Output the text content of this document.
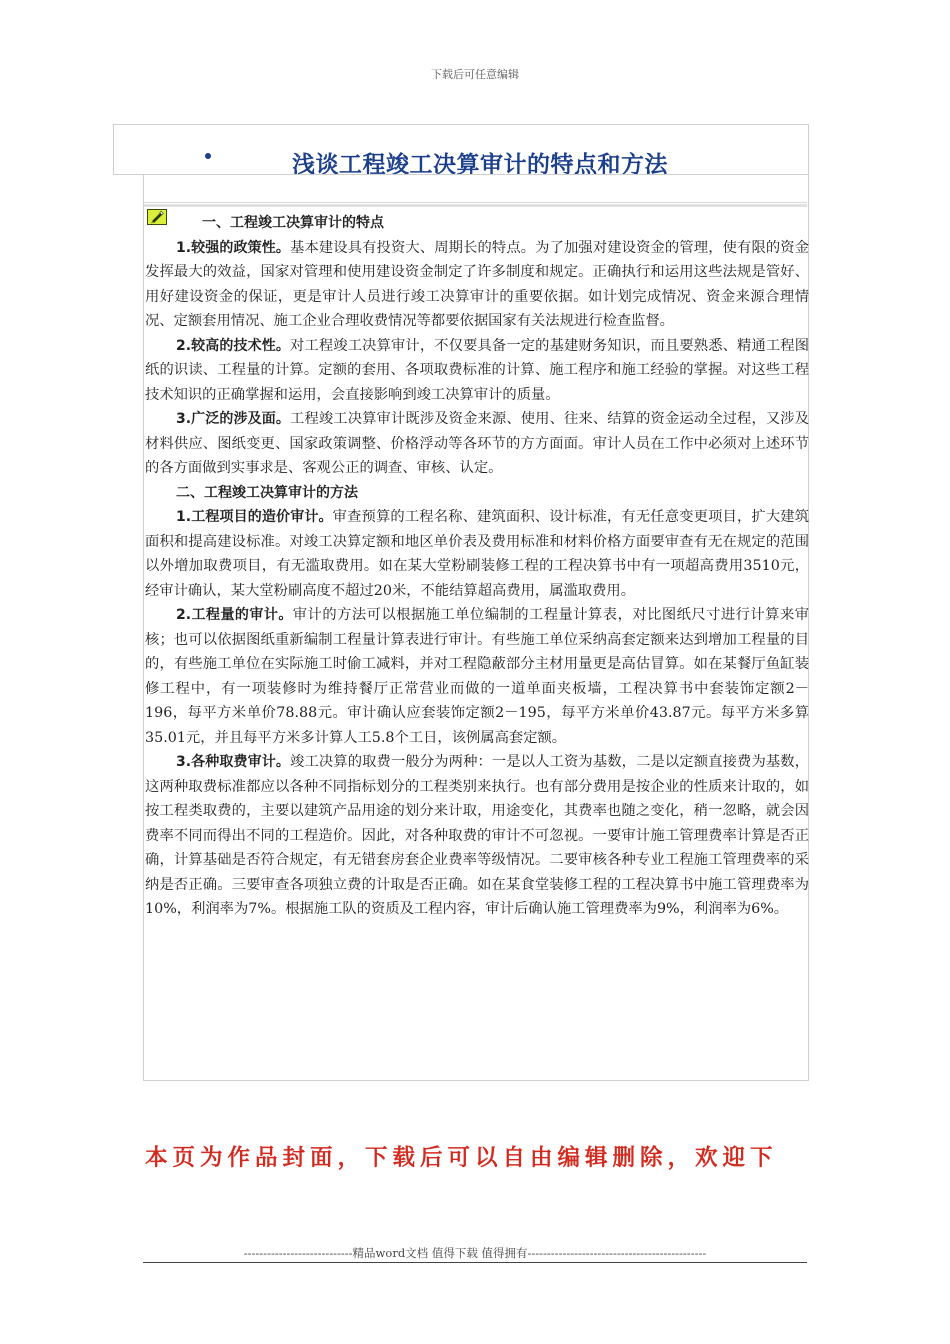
下载后可任意编辑
浅谈工程竣工决算审计的特点和方法

一、工程竣工决算审计的特点

1.较强的政策性。基本建设具有投资大、周期长的特点。为了加强对建设资金的管理，使有限的资金发挥最大的效益，国家对管理和使用建设资金制定了许多制度和规定。正确执行和运用这些法规是管好、用好建设资金的保证，更是审计人员进行竣工决算审计的重要依据。如计划完成情况、资金来源合理情况、定额套用情况、施工企业合理收费情况等都要依据国家有关法规进行检查监督。

2.较高的技术性。对工程竣工决算审计，不仅要具备一定的基建财务知识，而且要熟悉、精通工程图纸的识读、工程量的计算。定额的套用、各项取费标准的计算、施工程序和施工经验的掌握。对这些工程技术知识的正确掌握和运用，会直接影响到竣工决算审计的质量。

3.广泛的涉及面。工程竣工决算审计既涉及资金来源、使用、往来、结算的资金运动全过程，又涉及材料供应、图纸变更、国家政策调整、价格浮动等各环节的方方面面。审计人员在工作中必须对上述环节的各方面做到实事求是、客观公正的调查、审核、认定。

二、工程竣工决算审计的方法

1.工程项目的造价审计。审查预算的工程名称、建筑面积、设计标准，有无任意变更项目，扩大建筑面积和提高建设标准。对竣工决算定额和地区单价表及费用标准和材料价格方面要审查有无在规定的范围以外增加取费项目，有无滥取费用。如在某大堂粉刷装修工程的工程决算书中有一项超高费用3510元，经审计确认，某大堂粉刷高度不超过20米，不能结算超高费用，属滥取费用。

2.工程量的审计。审计的方法可以根据施工单位编制的工程量计算表，对比图纸尺寸进行计算来审核；也可以依据图纸重新编制工程量计算表进行审计。有些施工单位采纳高套定额来达到增加工程量的目的，有些施工单位在实际施工时偷工减料，并对工程隐蔽部分主材用量更是高估冒算。如在某餐厅鱼缸装修工程中，有一项装修时为维持餐厅正常营业而做的一道单面夹板墙，工程决算书中套装饰定额2－196，每平方米单价78.88元。审计确认应套装饰定额2－195，每平方米单价43.87元。每平方米多算35.01元，并且每平方米多计算人工5.8个工日，该例属高套定额。

3.各种取费审计。竣工决算的取费一般分为两种：一是以人工资为基数，二是以定额直接费为基数，这两种取费标准都应以各种不同指标划分的工程类别来执行。也有部分费用是按企业的性质来计取的，如按工程类取费的，主要以建筑产品用途的划分来计取，用途变化，其费率也随之变化，稍一忽略，就会因费率不同而得出不同的工程造价。因此，对各种取费的审计不可忽视。一要审计施工管理费率计算是否正确，计算基础是否符合规定，有无错套房套企业费率等级情况。二要审核各种专业工程施工管理费率的采纳是否正确。三要审查各项独立费的计取是否正确。如在某食堂装修工程的工程决算书中施工管理费率为10%，利润率为7%。根据施工队的资质及工程内容，审计后确认施工管理费率为9%，利润率为6%。

本页为作品封面，下载后可以自由编辑删除，欢迎下
----------------------------精品word文档 值得下载 值得拥有----------------------------------------------
